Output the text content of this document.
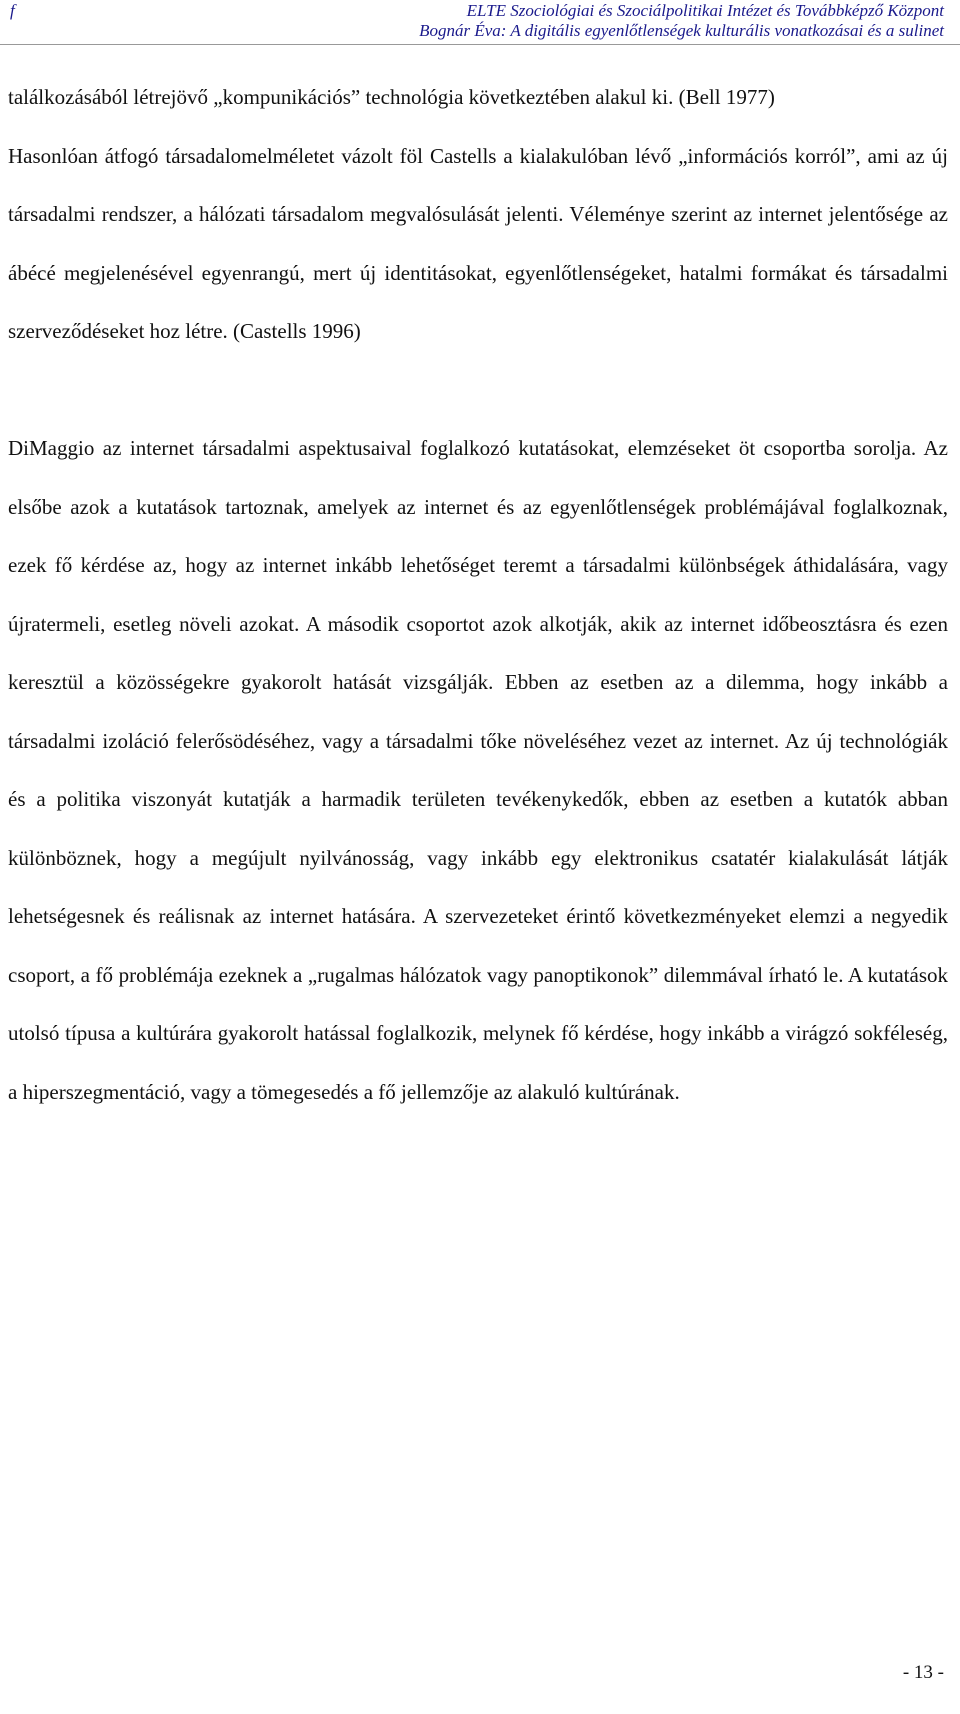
f	ELTE Szociológiai és Szociálpolitikai Intézet és Továbbképző Központ
Bognár Éva: A digitális egyenlőtlenségek kulturális vonatkozásai és a sulinet

találkozásából létrejövő „kompunikációs” technológia következtében alakul ki. (Bell 1977)

Hasonlóan átfogó társadalomelméletet vázolt föl Castells a kialakulóban lévő „információs korról”, ami az új társadalmi rendszer, a hálózati társadalom megvalósulását jelenti. Véleménye szerint az internet jelentősége az ábécé megjelenésével egyenrangú, mert új identitásokat, egyenlőtlenségeket, hatalmi formákat és társadalmi szerveződéseket hoz létre. (Castells 1996)

DiMaggio az internet társadalmi aspektusaival foglalkozó kutatásokat, elemzéseket öt csoportba sorolja. Az elsőbe azok a kutatások tartoznak, amelyek az internet és az egyenlőtlenségek problémájával foglalkoznak, ezek fő kérdése az, hogy az internet inkább lehetőséget teremt a társadalmi különbségek áthidalására, vagy újratermeli, esetleg növeli azokat. A második csoportot azok alkotják, akik az internet időbeosztásra és ezen keresztül a közösségekre gyakorolt hatását vizsgálják. Ebben az esetben az a dilemma, hogy inkább a társadalmi izoláció felerősödéséhez, vagy a társadalmi tőke növeléséhez vezet az internet. Az új technológiák és a politika viszonyát kutatják a harmadik területen tevékenykedők, ebben az esetben a kutatók abban különböznek, hogy a megújult nyilvánosság, vagy inkább egy elektronikus csatatér kialakulását látják lehetségesnek és reálisnak az internet hatására. A szervezeteket érintő következményeket elemzi a negyedik csoport, a fő problémája ezeknek a „rugalmas hálózatok vagy panoptikonok” dilemmával írható le. A kutatások utolsó típusa a kultúrára gyakorolt hatással foglalkozik, melynek fő kérdése, hogy inkább a virágzó sokféleség, a hiperszegmentáció, vagy a tömegesedés a fő jellemzője az alakuló kultúrának.

- 13 -
